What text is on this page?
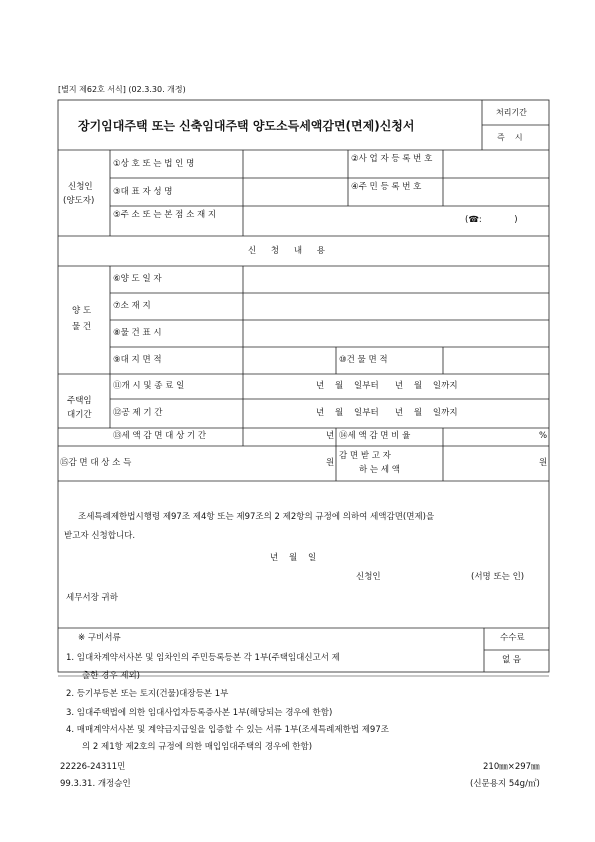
[별지 제62호 서식] (02.3.30. 개정)
장기임대주택 또는 신축임대주택 양도소득세액감면(면제)신청서
처리기간
즉    시
신청인
(양도자)
①상 호 또 는 법 인 명	②사 업 자 등 록 번 호
③대 표 자 성 명	④주 민 등 록 번 호
⑤주 소 또 는 본 점 소 재 지	(☎:            )
신 청 내 용
양 도
물 건
⑥양 도 일 자
⑦소 재 지
⑧물 건 표 시
⑨대 지 면 적	⑩건 물 면 적
주택임
대기간
⑪개 시 및 종 료 일	년    월    일부터      년    월    일까지
⑫공 제 기 간	년    월    일부터      년    월    일까지
⑬세 액 감 면 대 상 기 간	년 ⑭세 액 감 면 비 율	%
⑮감 면 대 상 소 득	원
감 면 받 고 자
하 는 세 액
원
조세특례제한법시행령 제97조 제4항 또는 제97조의 2 제2항의 규정에 의하여 세액감면(면제)을
받고자 신청합니다.
년    월    일
신청인	(서명 또는 인)
세무서장 귀하
※ 구비서류
1. 임대차계약서사본 및 임차인의 주민등록등본 각 1부(주택임대신고서 제
출한 경우 제외)
2. 등기부등본 또는 토지(건물)대장등본 1부
3. 임대주택법에 의한 임대사업자등록증사본 1부(해당되는 경우에 한함)
4. 매매계약서사본 및 계약금지급일을 입증할 수 있는 서류 1부(조세특례제한법 제97조
의 2 제1항 제2호의 규정에 의한 매입임대주택의 경우에 한함)
수수료
없 음
22226-24311민
99.3.31. 개정승인
210㎜×297㎜
(신문용지 54g/㎡)
